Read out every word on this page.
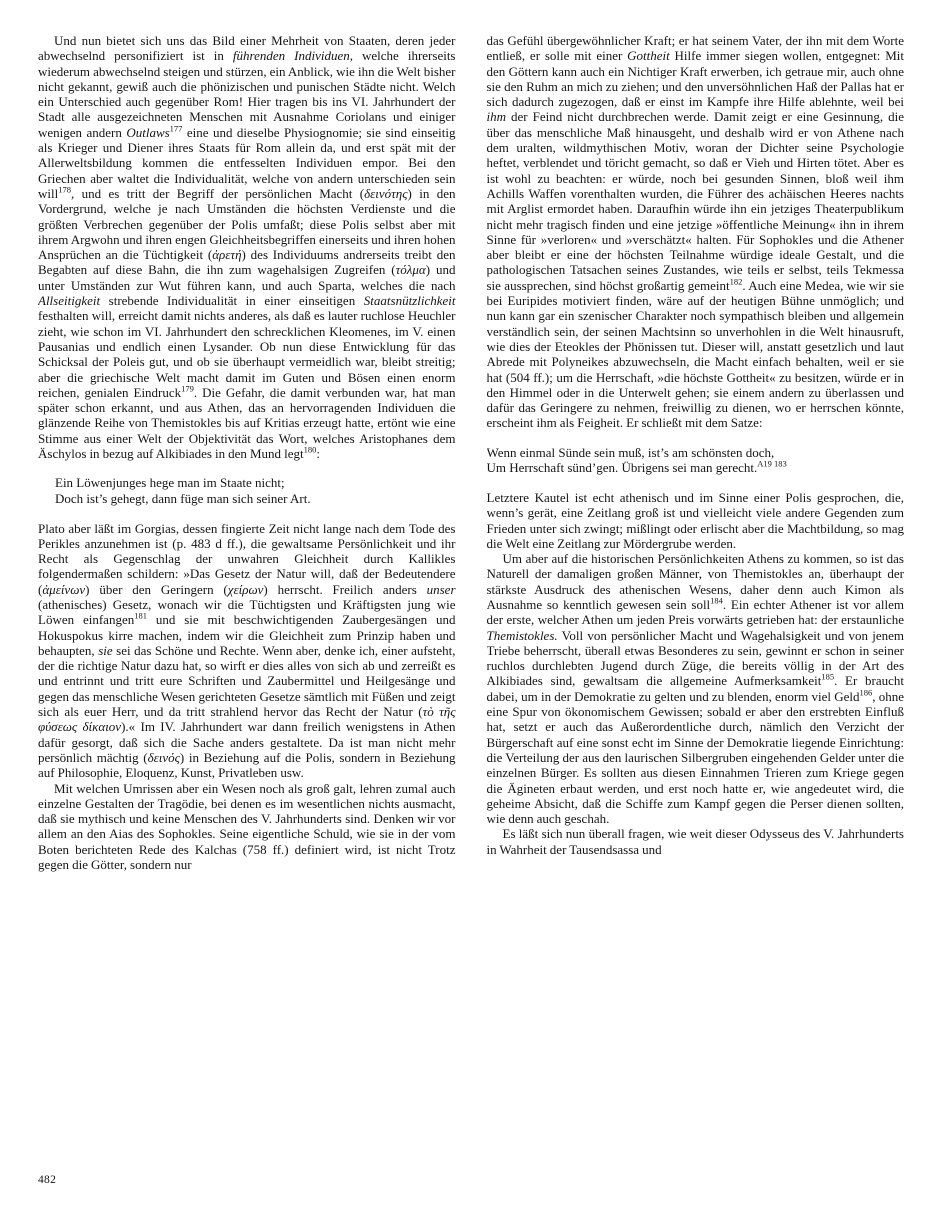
Und nun bietet sich uns das Bild einer Mehrheit von Staaten, deren jeder abwechselnd personifiziert ist in führenden Individuen, welche ihrerseits wiederum abwechselnd steigen und stürzen, ein Anblick, wie ihn die Welt bisher nicht gekannt, gewiß auch die phönizischen und punischen Städte nicht. Welch ein Unterschied auch gegenüber Rom! Hier tragen bis ins VI. Jahrhundert der Stadt alle ausgezeichneten Menschen mit Ausnahme Coriolans und einiger wenigen andern Outlaws$^{177}$ eine und dieselbe Physiognomie; sie sind einseitig als Krieger und Diener ihres Staats für Rom allein da, und erst spät mit der Allerweltsbildung kommen die entfesselten Individuen empor. Bei den Griechen aber waltet die Individualität, welche von andern unterschieden sein will$^{178}$, und es tritt der Begriff der persönlichen Macht (δεινότης) in den Vordergrund, welche je nach Umständen die höchsten Verdienste und die größten Verbrechen gegenüber der Polis umfaßt; diese Polis selbst aber mit ihrem Argwohn und ihren engen Gleichheitsbegriffen einerseits und ihren hohen Ansprüchen an die Tüchtigkeit (ἀρετή) des Individuums andrerseits treibt den Begabten auf diese Bahn, die ihn zum wagehalsigen Zugreifen (τόλμα) und unter Umständen zur Wut führen kann, und auch Sparta, welches die nach Allseitigkeit strebende Individualität in einer einseitigen Staatsnützlichkeit festhalten will, erreicht damit nichts anderes, als daß es lauter ruchlose Heuchler zieht, wie schon im VI. Jahrhundert den schrecklichen Kleomenes, im V. einen Pausanias und endlich einen Lysander. Ob nun diese Entwicklung für das Schicksal der Poleis gut, und ob sie überhaupt vermeidlich war, bleibt streitig; aber die griechische Welt macht damit im Guten und Bösen einen enorm reichen, genialen Eindruck$^{179}$. Die Gefahr, die damit verbunden war, hat man später schon erkannt, und aus Athen, das an hervorragenden Individuen die glänzende Reihe von Themistokles bis auf Kritias erzeugt hatte, ertönt wie eine Stimme aus einer Welt der Objektivität das Wort, welches Aristophanes dem Äschylos in bezug auf Alkibiades in den Mund legt$^{180}$:

Ein Löwenjunges hege man im Staate nicht;
Doch ist’s gehegt, dann füge man sich seiner Art.

Plato aber läßt im Gorgias, dessen fingierte Zeit nicht lange nach dem Tode des Perikles anzunehmen ist (p. 483 d ff.), die gewaltsame Persönlichkeit und ihr Recht als Gegenschlag der unwahren Gleichheit durch Kallikles folgendermaßen schildern: »Das Gesetz der Natur will, daß der Bedeutendere (ἀμείνων) über den Geringern (χείρων) herrscht. Freilich anders unser (athenisches) Gesetz, wonach wir die Tüchtigsten und Kräftigsten jung wie Löwen einfangen$^{181}$ und sie mit beschwichtigenden Zaubergesängen und Hokuspokus kirre machen, indem wir die Gleichheit zum Prinzip haben und behaupten, sie sei das Schöne und Rechte. Wenn aber, denke ich, einer aufsteht, der die richtige Natur dazu hat, so wirft er dies alles von sich ab und zerreißt es und entrinnt und tritt eure Schriften und Zaubermittel und Heilgesänge und gegen das menschliche Wesen gerichteten Gesetze sämtlich mit Füßen und zeigt sich als euer Herr, und da tritt strahlend hervor das Recht der Natur (τὸ τῆς φύσεως δίκαιον).« Im IV. Jahrhundert war dann freilich wenigstens in Athen dafür gesorgt, daß sich die Sache anders gestaltete. Da ist man nicht mehr persönlich mächtig (δεινός) in Beziehung auf die Polis, sondern in Beziehung auf Philosophie, Eloquenz, Kunst, Privatleben usw.

Mit welchen Umrissen aber ein Wesen noch als groß galt, lehren zumal auch einzelne Gestalten der Tragödie, bei denen es im wesentlichen nichts ausmacht, daß sie mythisch und keine Menschen des V. Jahrhunderts sind. Denken wir vor allem an den Aias des Sophokles. Seine eigentliche Schuld, wie sie in der vom Boten berichteten Rede des Kalchas (758 ff.) definiert wird, ist nicht Trotz gegen die Götter, sondern nur

das Gefühl übergewöhnlicher Kraft; er hat seinem Vater, der ihn mit dem Worte entließ, er solle mit einer Gottheit Hilfe immer siegen wollen, entgegnet: Mit den Göttern kann auch ein Nichtiger Kraft erwerben, ich getraue mir, auch ohne sie den Ruhm an mich zu ziehen; und den unversöhnlichen Haß der Pallas hat er sich dadurch zugezogen, daß er einst im Kampfe ihre Hilfe ablehnte, weil bei ihm der Feind nicht durchbrechen werde. Damit zeigt er eine Gesinnung, die über das menschliche Maß hinausgeht, und deshalb wird er von Athene nach dem uralten, wildmythischen Motiv, woran der Dichter seine Psychologie heftet, verblendet und töricht gemacht, so daß er Vieh und Hirten tötet. Aber es ist wohl zu beachten: er würde, noch bei gesunden Sinnen, bloß weil ihm Achills Waffen vorenthalten wurden, die Führer des achäischen Heeres nachts mit Arglist ermordet haben. Daraufhin würde ihn ein jetziges Theaterpublikum nicht mehr tragisch finden und eine jetzige »öffentliche Meinung« ihn in ihrem Sinne für »verloren« und »verschätzt« halten. Für Sophokles und die Athener aber bleibt er eine der höchsten Teilnahme würdige ideale Gestalt, und die pathologischen Tatsachen seines Zustandes, wie teils er selbst, teils Tekmessa sie aussprechen, sind höchst großartig gemeint$^{182}$. Auch eine Medea, wie wir sie bei Euripides motiviert finden, wäre auf der heutigen Bühne unmöglich; und nun kann gar ein szenischer Charakter noch sympathisch bleiben und allgemein verständlich sein, der seinen Machtsinn so unverhohlen in die Welt hinausruft, wie dies der Eteokles der Phönissen tut. Dieser will, anstatt gesetzlich und laut Abrede mit Polyneikes abzuwechseln, die Macht einfach behalten, weil er sie hat (504 ff.); um die Herrschaft, »die höchste Gottheit« zu besitzen, würde er in den Himmel oder in die Unterwelt gehen; sie einem andern zu überlassen und dafür das Geringere zu nehmen, freiwillig zu dienen, wo er herrschen könnte, erscheint ihm als Feigheit. Er schließt mit dem Satze:

Wenn einmal Sünde sein muß, ist’s am schönsten doch,
Um Herrschaft sünd’gen. Übrigens sei man gerecht.$^{A19 183}$

Letztere Kautel ist echt athenisch und im Sinne einer Polis gesprochen, die, wenn’s gerät, eine Zeitlang groß ist und vielleicht viele andere Gegenden zum Frieden unter sich zwingt; mißlingt oder erlischt aber die Machtbildung, so mag die Welt eine Zeitlang zur Mördergrube werden.

Um aber auf die historischen Persönlichkeiten Athens zu kommen, so ist das Naturell der damaligen großen Männer, von Themistokles an, überhaupt der stärkste Ausdruck des athenischen Wesens, daher denn auch Kimon als Ausnahme so kenntlich gewesen sein soll$^{184}$. Ein echter Athener ist vor allem der erste, welcher Athen um jeden Preis vorwärts getrieben hat: der erstaunliche Themistokles. Voll von persönlicher Macht und Wagehalsigkeit und von jenem Triebe beherrscht, überall etwas Besonderes zu sein, gewinnt er schon in seiner ruchlos durchlebten Jugend durch Züge, die bereits völlig in der Art des Alkibiades sind, gewaltsam die allgemeine Aufmerksamkeit$^{185}$. Er braucht dabei, um in der Demokratie zu gelten und zu blenden, enorm viel Geld$^{186}$, ohne eine Spur von ökonomischem Gewissen; sobald er aber den erstrebten Einfluß hat, setzt er auch das Außerordentliche durch, nämlich den Verzicht der Bürgerschaft auf eine sonst echt im Sinne der Demokratie liegende Einrichtung: die Verteilung der aus den laurischen Silbergruben eingehenden Gelder unter die einzelnen Bürger. Es sollten aus diesen Einnahmen Trieren zum Kriege gegen die Ägineten erbaut werden, und erst noch hatte er, wie angedeutet wird, die geheime Absicht, daß die Schiffe zum Kampf gegen die Perser dienen sollten, wie denn auch geschah.

Es läßt sich nun überall fragen, wie weit dieser Odysseus des V. Jahrhunderts in Wahrheit der Tausendsassa und

482
